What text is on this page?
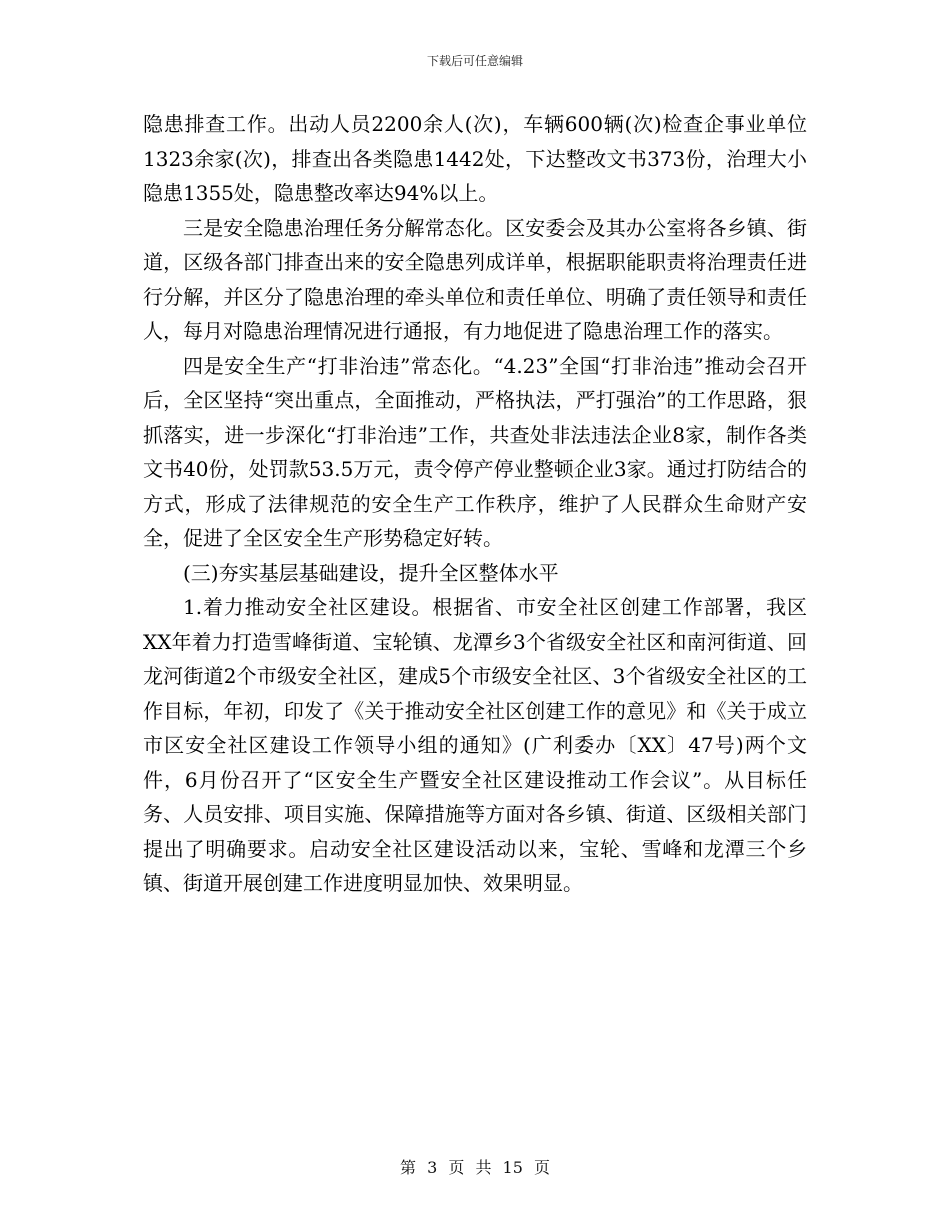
下载后可任意编辑

隐患排查工作。出动人员2200余人(次)，车辆600辆(次)检查企事业单位1323余家(次)，排查出各类隐患1442处，下达整改文书373份，治理大小隐患1355处，隐患整改率达94%以上。

三是安全隐患治理任务分解常态化。区安委会及其办公室将各乡镇、街道，区级各部门排查出来的安全隐患列成详单，根据职能职责将治理责任进行分解，并区分了隐患治理的牵头单位和责任单位、明确了责任领导和责任人，每月对隐患治理情况进行通报，有力地促进了隐患治理工作的落实。

四是安全生产“打非治违”常态化。“4.23”全国“打非治违”推动会召开后，全区坚持“突出重点，全面推动，严格执法，严打强治”的工作思路，狠抓落实，进一步深化“打非治违”工作，共查处非法违法企业8家，制作各类文书40份，处罚款53.5万元，责令停产停业整顿企业3家。通过打防结合的方式，形成了法律规范的安全生产工作秩序，维护了人民群众生命财产安全，促进了全区安全生产形势稳定好转。

(三)夯实基层基础建设，提升全区整体水平

1.着力推动安全社区建设。根据省、市安全社区创建工作部署，我区XX年着力打造雪峰街道、宝轮镇、龙潭乡3个省级安全社区和南河街道、回龙河街道2个市级安全社区，建成5个市级安全社区、3个省级安全社区的工作目标，年初，印发了《关于推动安全社区创建工作的意见》和《关于成立市区安全社区建设工作领导小组的通知》(广利委办〔XX〕47号)两个文件，6月份召开了“区安全生产暨安全社区建设推动工作会议”。从目标任务、人员安排、项目实施、保障措施等方面对各乡镇、街道、区级相关部门提出了明确要求。启动安全社区建设活动以来，宝轮、雪峰和龙潭三个乡镇、街道开展创建工作进度明显加快、效果明显。

第 3 页 共 15 页
